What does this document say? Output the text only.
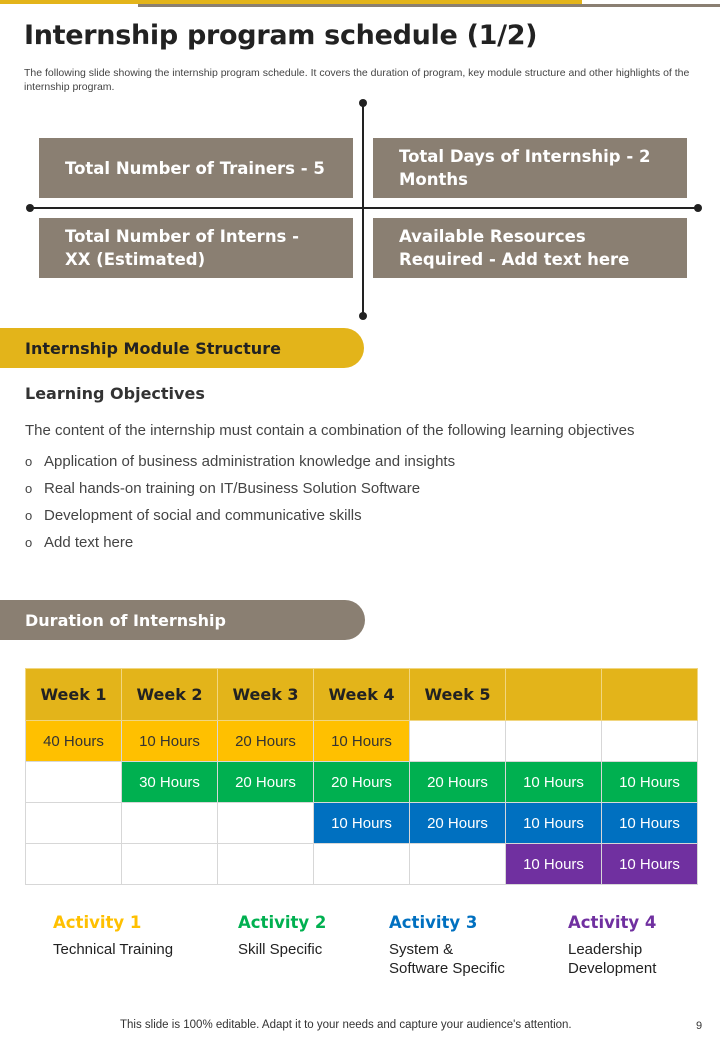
Internship program schedule (1/2)
The following slide showing the internship program schedule. It covers the duration of program, key module structure and other highlights of the internship program.
Total Number of Trainers - 5
Total Days of Internship - 2 Months
Total Number of Interns - XX (Estimated)
Available Resources Required - Add text here
Internship Module Structure
Learning Objectives
The content of the internship must contain a combination of the following learning objectives
o Application of business administration knowledge and insights
o Real hands-on training on IT/Business Solution Software
o Development of social and communicative skills
o Add text here
Duration of Internship
Week 1	Week 2	Week 3	Week 4	Week 5		
40 Hours	10 Hours	20 Hours	10 Hours			
	30 Hours	20 Hours	20 Hours	20 Hours	10 Hours	10 Hours
			10 Hours	20 Hours	10 Hours	10 Hours
					10 Hours	10 Hours
Activity 1
Technical Training
Activity 2
Skill Specific
Activity 3
System &
Software Specific
Activity 4
Leadership
Development
This slide is 100% editable. Adapt it to your needs and capture your audience's attention.	9
